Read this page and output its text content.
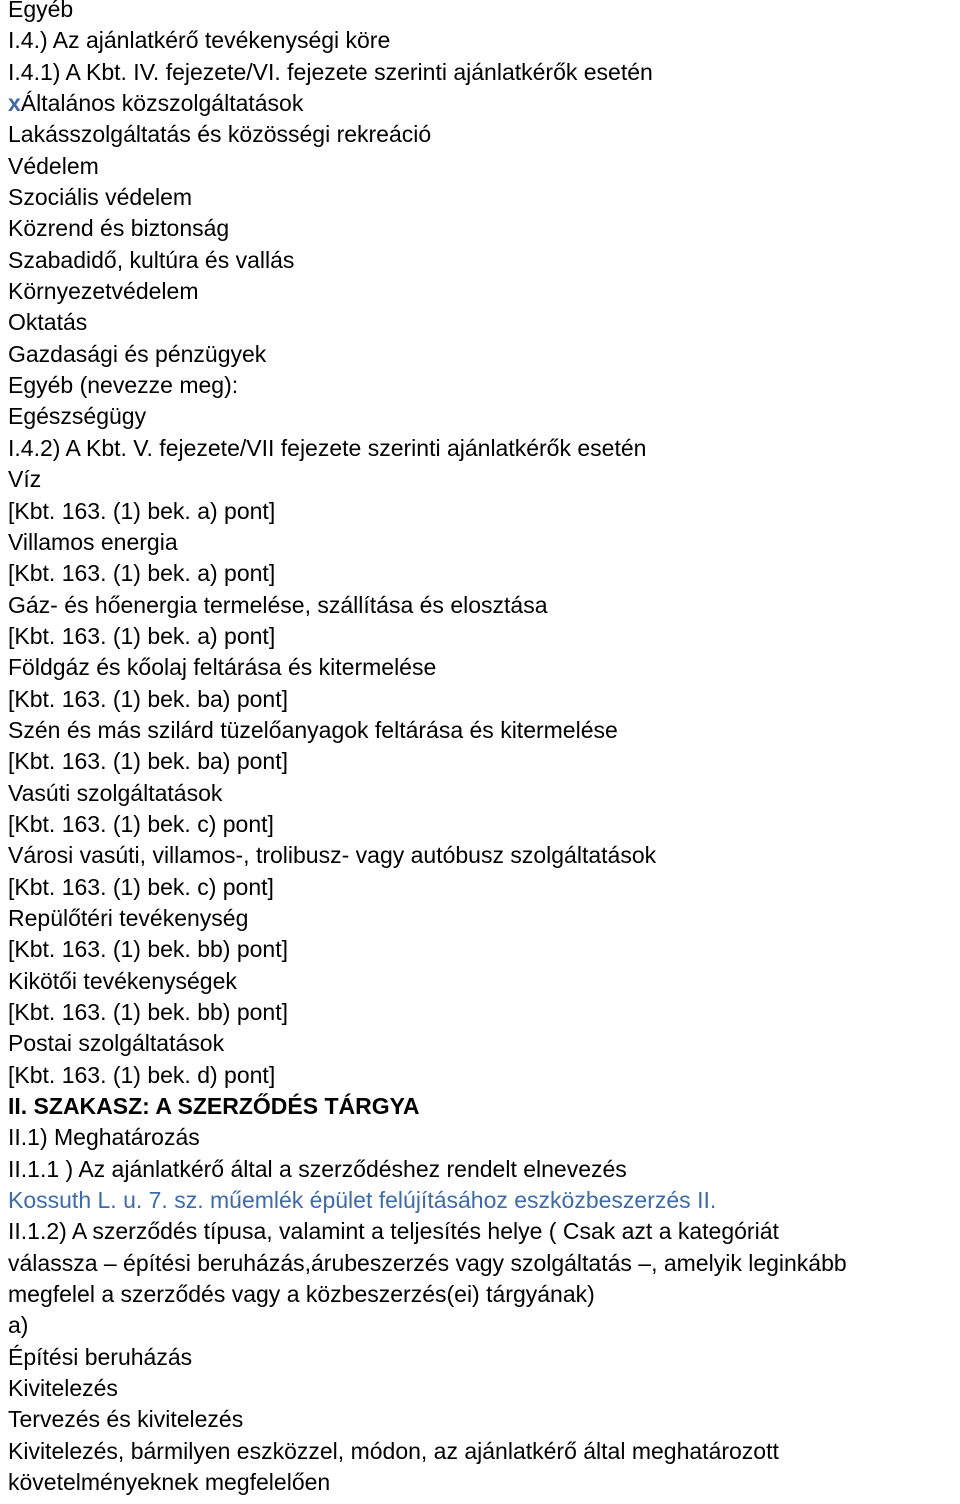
Egyéb
I.4.) Az ajánlatkérő tevékenységi köre
I.4.1) A Kbt. IV. fejezete/VI. fejezete szerinti ajánlatkérők esetén
xÁltalános közszolgáltatások
Lakásszolgáltatás és közösségi rekreáció
Védelem
Szociális védelem
Közrend és biztonság
Szabadidő, kultúra és vallás
Környezetvédelem
Oktatás
Gazdasági és pénzügyek
Egyéb (nevezze meg):
Egészségügy
I.4.2) A Kbt. V. fejezete/VII fejezete szerinti ajánlatkérők esetén
Víz
[Kbt. 163. (1) bek. a) pont]
Villamos energia
[Kbt. 163. (1) bek. a) pont]
Gáz- és hőenergia termelése, szállítása és elosztása
[Kbt. 163. (1) bek. a) pont]
Földgáz és kőolaj feltárása és kitermelése
[Kbt. 163. (1) bek. ba) pont]
Szén és más szilárd tüzelőanyagok feltárása és kitermelése
[Kbt. 163. (1) bek. ba) pont]
Vasúti szolgáltatások
[Kbt. 163. (1) bek. c) pont]
Városi vasúti, villamos-, trolibusz- vagy autóbusz szolgáltatások
[Kbt. 163. (1) bek. c) pont]
Repülőtéri tevékenység
[Kbt. 163. (1) bek. bb) pont]
Kikötői tevékenységek
[Kbt. 163. (1) bek. bb) pont]
Postai szolgáltatások
[Kbt. 163. (1) bek. d) pont]
II. SZAKASZ: A SZERZŐDÉS TÁRGYA
II.1) Meghatározás
II.1.1 ) Az ajánlatkérő által a szerződéshez rendelt elnevezés
Kossuth L. u. 7. sz. műemlék épület felújításához eszközbeszerzés II.
II.1.2) A szerződés típusa, valamint a teljesítés helye ( Csak azt a kategóriát
válassza – építési beruházás,árubeszerzés vagy szolgáltatás –, amelyik leginkább
megfelel a szerződés vagy a közbeszerzés(ei) tárgyának)
a)
Építési beruházás
Kivitelezés
Tervezés és kivitelezés
Kivitelezés, bármilyen eszközzel, módon, az ajánlatkérő által meghatározott
követelményeknek megfelelően
